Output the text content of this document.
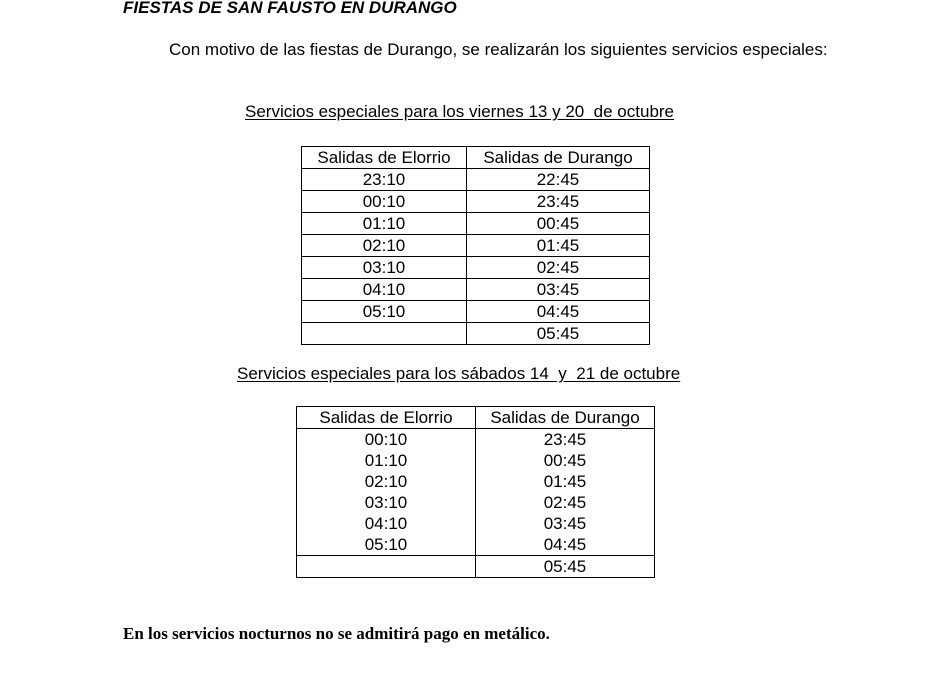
FIESTAS DE SAN FAUSTO EN DURANGO
Con motivo de las fiestas de Durango, se realizarán los siguientes servicios especiales:
Servicios especiales para los viernes 13 y 20  de octubre
Salidas de Elorrio	Salidas de Durango
23:10	22:45
00:10	23:45
01:10	00:45
02:10	01:45
03:10	02:45
04:10	03:45
05:10	04:45
	05:45
Servicios especiales para los sábados 14  y  21 de octubre
Salidas de Elorrio	Salidas de Durango
00:10	23:45
01:10	00:45
02:10	01:45
03:10	02:45
04:10	03:45
05:10	04:45
	05:45
En los servicios nocturnos no se admitirá pago en metálico.
